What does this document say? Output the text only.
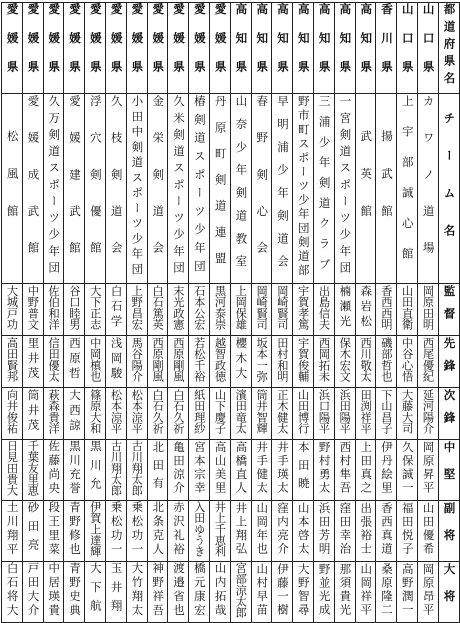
愛媛県	愛媛県	愛媛県	愛媛県	愛媛県	愛媛県	愛媛県	愛媛県	愛媛県	愛媛県	愛媛県	高知県	高知県	高知県	高知県	高知県	高知県	高知県	香川県	山口県	山口県	都道府県名
松風館	愛媛成武館	久万剣道スポーツ少年団	愛媛建武館	浮穴剣優館	久枝剣道会	小田中剣道スポーツ少年団	金栄剣道会	久米剣道スポーツ少年団	椿剣道スポーツ少年団	丹原町剣道連盟	山奈少年剣道教室	春野剣心会	早明浦少年剣道会	野市町スポーツ少年団剣道部	三浦少年剣道クラブ	一宮剣道スポーツ少年団	武英館	揚武館	上宇部誠心館	カワノ道場	チーム名
大城戸功	中野普文	佐伯和洋	谷口睦男	大下正志	白石学	上野昌宏	白石篤英	末光政憲	石本公宏	黒河泰崇	上岡保雄	岡崎賢司	岡崎賢司	宇賀孝篤	出島信夫	楠瀬光	森岩松	香西西明	山田直衛	岡原田明	監督
高田賢邦	里井茂	信田優太	西原哲	中岡槙也	浅岡駿	馬谷陽介	西原剛風	西原剛風	若松千裕	越智政徳	櫻木大	坂本一弥	田村和明	宇賀俊輔	西岡拓未	保木宏文	西川敬太	磯部哲也	中谷心悟	西尾優紀	先鋒
向井俊祐	筒井茂	萩森貴洋	大西諒	篠原大和	松本涼平	松本涼平	白石久祈	白石久祈	紙田理紗	山下慶子	濱田竜太	筒井智輝	正木健太	山田博行	浜口陽平	浜田陽平	田渕祥平	下山昌子	大藤大司	延河陽介	次鋒
日見田貴大	千葉友里恵	佐藤尚央	黒川充誉	黒川允	古川翔太郎	古川翔太郎	北田有	亀田涼介	宮本宗幸	高山美里	高橋直人	井手健太	井手瑛太	本田暁	野村勇太	西村隼吾	上田真之	伊丹絵里	久保誠一	岡原昇平	中堅
土川翔平	砂田亮	段王里菜	青野修也	伊賀上達輝	乗松功一	乗松功一	北条克人	赤沢礼裕	入田ゆうき	井上千恵利	井上翔弘	山岡年也	窪内亮介	山本啓太	浜田芳明	窪田幸治	出張裕士	香西真道	福田悦子	山田優希	副将
白石将大	戸田大介	中居瑛貴	青野史典	大下航	玉井翔	大竹翔太	神野祥吾	渡邉省也	橋元康宏	山内拓哉	宮部涼太郎	山村早苗	伊藤一樹	大野智尋	野並光成	那須貴光	山岡祥平	桑原隆二	高野潤一	岡原昂平	大将
